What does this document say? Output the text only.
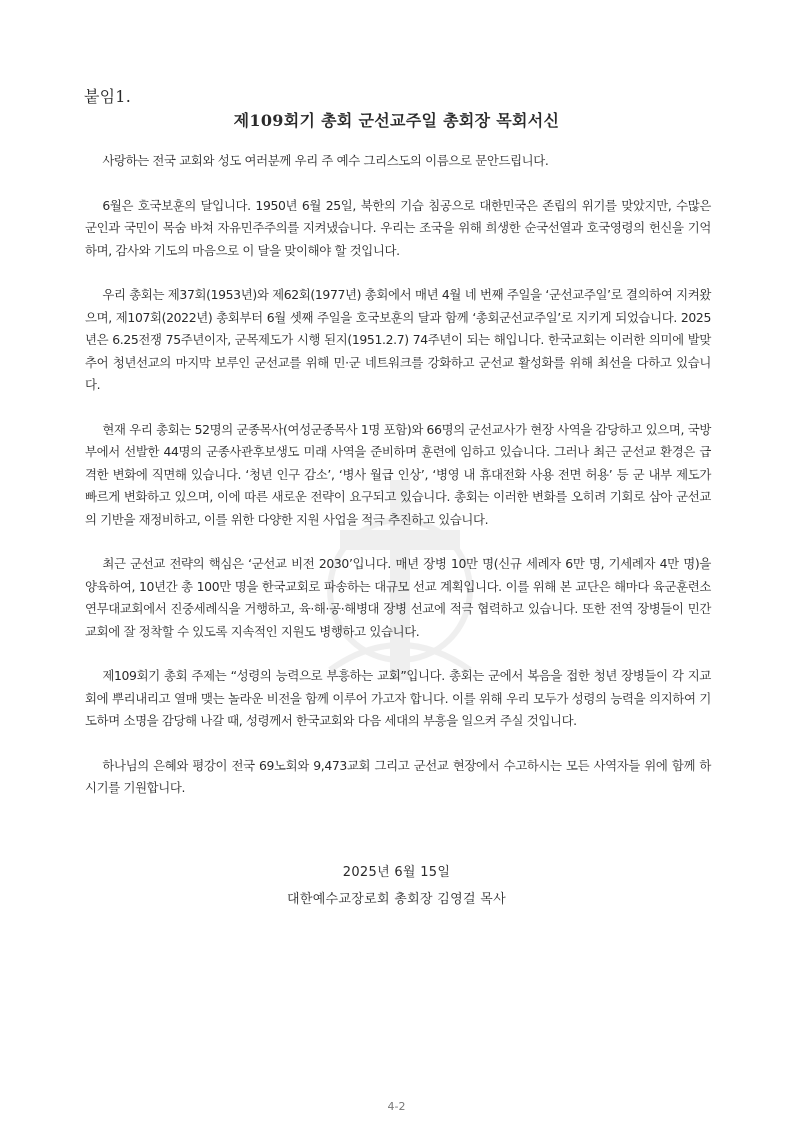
붙임1.
제109회기 총회 군선교주일 총회장 목회서신

사랑하는 전국 교회와 성도 여러분께 우리 주 예수 그리스도의 이름으로 문안드립니다.

6월은 호국보훈의 달입니다. 1950년 6월 25일, 북한의 기습 침공으로 대한민국은 존립의 위기를 맞았지만, 수많은 군인과 국민이 목숨 바쳐 자유민주주의를 지켜냈습니다. 우리는 조국을 위해 희생한 순국선열과 호국영령의 헌신을 기억하며, 감사와 기도의 마음으로 이 달을 맞이해야 할 것입니다.

우리 총회는 제37회(1953년)와 제62회(1977년) 총회에서 매년 4월 네 번째 주일을 ‘군선교주일’로 결의하여 지켜왔으며, 제107회(2022년) 총회부터 6월 셋째 주일을 호국보훈의 달과 함께 ‘총회군선교주일’로 지키게 되었습니다. 2025년은 6.25전쟁 75주년이자, 군목제도가 시행 된지(1951.2.7) 74주년이 되는 해입니다. 한국교회는 이러한 의미에 발맞추어 청년선교의 마지막 보루인 군선교를 위해 민·군 네트워크를 강화하고 군선교 활성화를 위해 최선을 다하고 있습니다.

현재 우리 총회는 52명의 군종목사(여성군종목사 1명 포함)와 66명의 군선교사가 현장 사역을 감당하고 있으며, 국방부에서 선발한 44명의 군종사관후보생도 미래 사역을 준비하며 훈련에 임하고 있습니다. 그러나 최근 군선교 환경은 급격한 변화에 직면해 있습니다. ‘청년 인구 감소’, ‘병사 월급 인상’, ‘병영 내 휴대전화 사용 전면 허용’ 등 군 내부 제도가 빠르게 변화하고 있으며, 이에 따른 새로운 전략이 요구되고 있습니다. 총회는 이러한 변화를 오히려 기회로 삼아 군선교의 기반을 재정비하고, 이를 위한 다양한 지원 사업을 적극 추진하고 있습니다.

최근 군선교 전략의 핵심은 ‘군선교 비전 2030’입니다. 매년 장병 10만 명(신규 세례자 6만 명, 기세례자 4만 명)을 양육하여, 10년간 총 100만 명을 한국교회로 파송하는 대규모 선교 계획입니다. 이를 위해 본 교단은 해마다 육군훈련소 연무대교회에서 진중세례식을 거행하고, 육·해·공·해병대 장병 선교에 적극 협력하고 있습니다. 또한 전역 장병들이 민간교회에 잘 정착할 수 있도록 지속적인 지원도 병행하고 있습니다.

제109회기 총회 주제는 “성령의 능력으로 부흥하는 교회”입니다. 총회는 군에서 복음을 접한 청년 장병들이 각 지교회에 뿌리내리고 열매 맺는 놀라운 비전을 함께 이루어 가고자 합니다. 이를 위해 우리 모두가 성령의 능력을 의지하여 기도하며 소명을 감당해 나갈 때, 성령께서 한국교회와 다음 세대의 부흥을 일으켜 주실 것입니다.

하나님의 은혜와 평강이 전국 69노회와 9,473교회 그리고 군선교 현장에서 수고하시는 모든 사역자들 위에 함께 하시기를 기원합니다.

2025년 6월 15일
대한예수교장로회 총회장 김영걸 목사
4-2
